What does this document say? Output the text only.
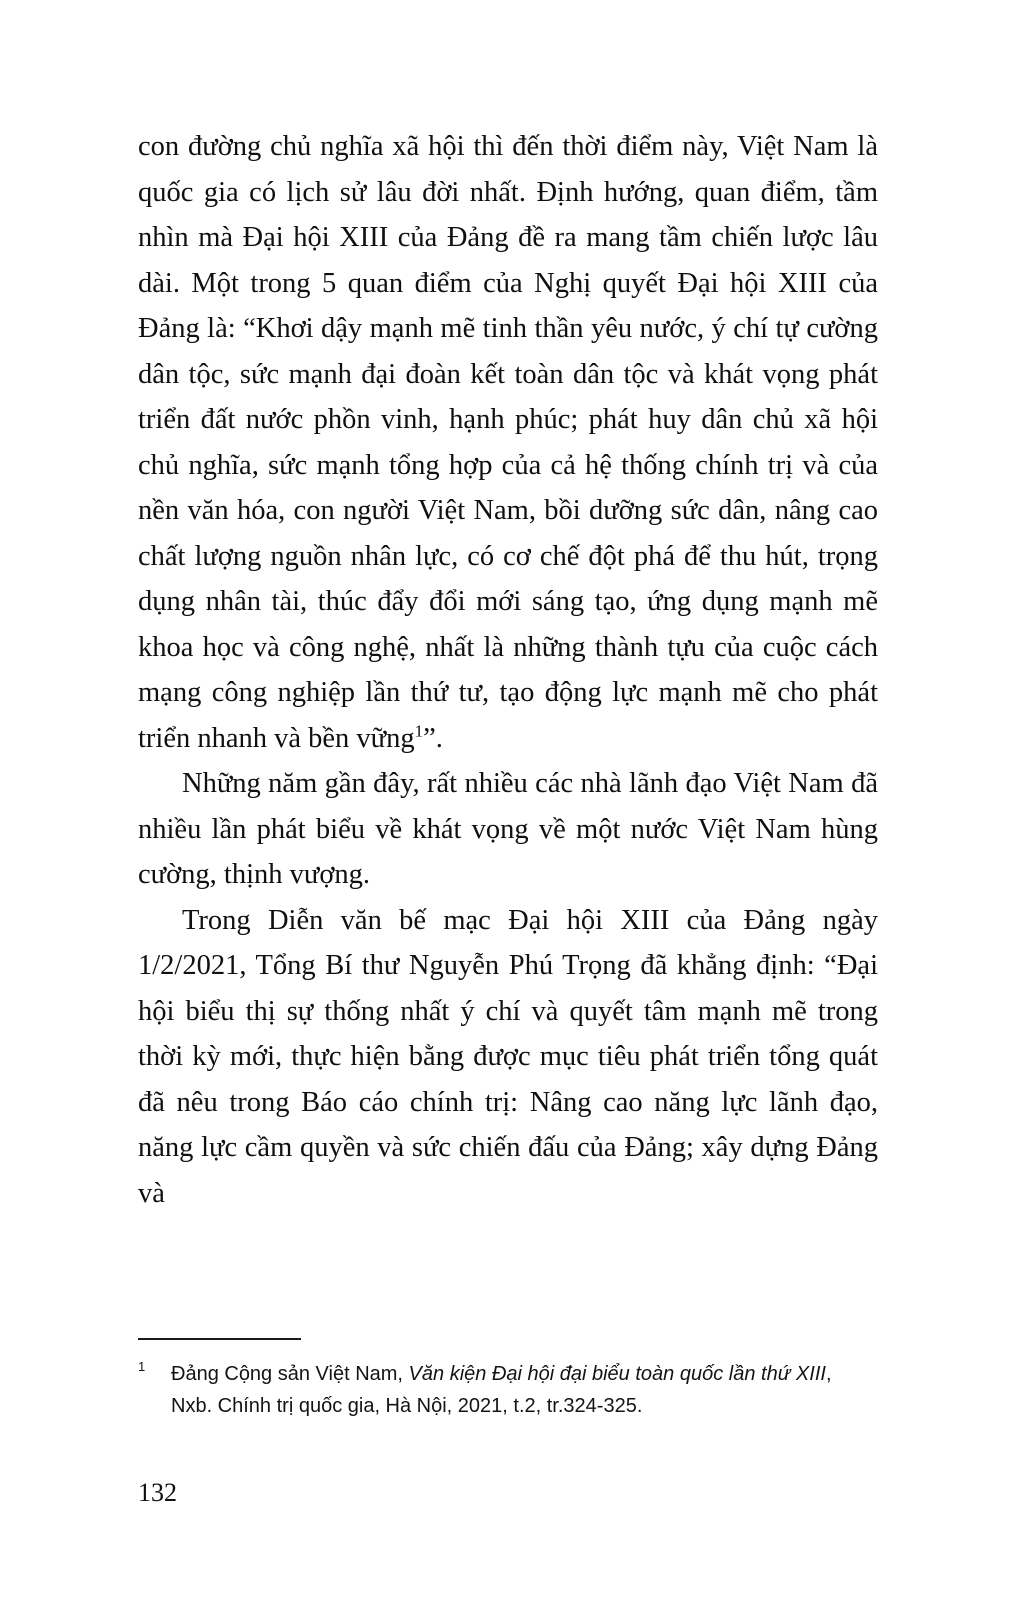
con đường chủ nghĩa xã hội thì đến thời điểm này, Việt Nam là quốc gia có lịch sử lâu đời nhất. Định hướng, quan điểm, tầm nhìn mà Đại hội XIII của Đảng đề ra mang tầm chiến lược lâu dài. Một trong 5 quan điểm của Nghị quyết Đại hội XIII của Đảng là: “Khơi dậy mạnh mẽ tinh thần yêu nước, ý chí tự cường dân tộc, sức mạnh đại đoàn kết toàn dân tộc và khát vọng phát triển đất nước phồn vinh, hạnh phúc; phát huy dân chủ xã hội chủ nghĩa, sức mạnh tổng hợp của cả hệ thống chính trị và của nền văn hóa, con người Việt Nam, bồi dưỡng sức dân, nâng cao chất lượng nguồn nhân lực, có cơ chế đột phá để thu hút, trọng dụng nhân tài, thúc đẩy đổi mới sáng tạo, ứng dụng mạnh mẽ khoa học và công nghệ, nhất là những thành tựu của cuộc cách mạng công nghiệp lần thứ tư, tạo động lực mạnh mẽ cho phát triển nhanh và bền vững$^1$”.

Những năm gần đây, rất nhiều các nhà lãnh đạo Việt Nam đã nhiều lần phát biểu về khát vọng về một nước Việt Nam hùng cường, thịnh vượng.

Trong Diễn văn bế mạc Đại hội XIII của Đảng ngày 1/2/2021, Tổng Bí thư Nguyễn Phú Trọng đã khẳng định: “Đại hội biểu thị sự thống nhất ý chí và quyết tâm mạnh mẽ trong thời kỳ mới, thực hiện bằng được mục tiêu phát triển tổng quát đã nêu trong Báo cáo chính trị: Nâng cao năng lực lãnh đạo, năng lực cầm quyền và sức chiến đấu của Đảng; xây dựng Đảng và

1 Đảng Cộng sản Việt Nam, Văn kiện Đại hội đại biểu toàn quốc lần thứ XIII, Nxb. Chính trị quốc gia, Hà Nội, 2021, t.2, tr.324-325.
132
